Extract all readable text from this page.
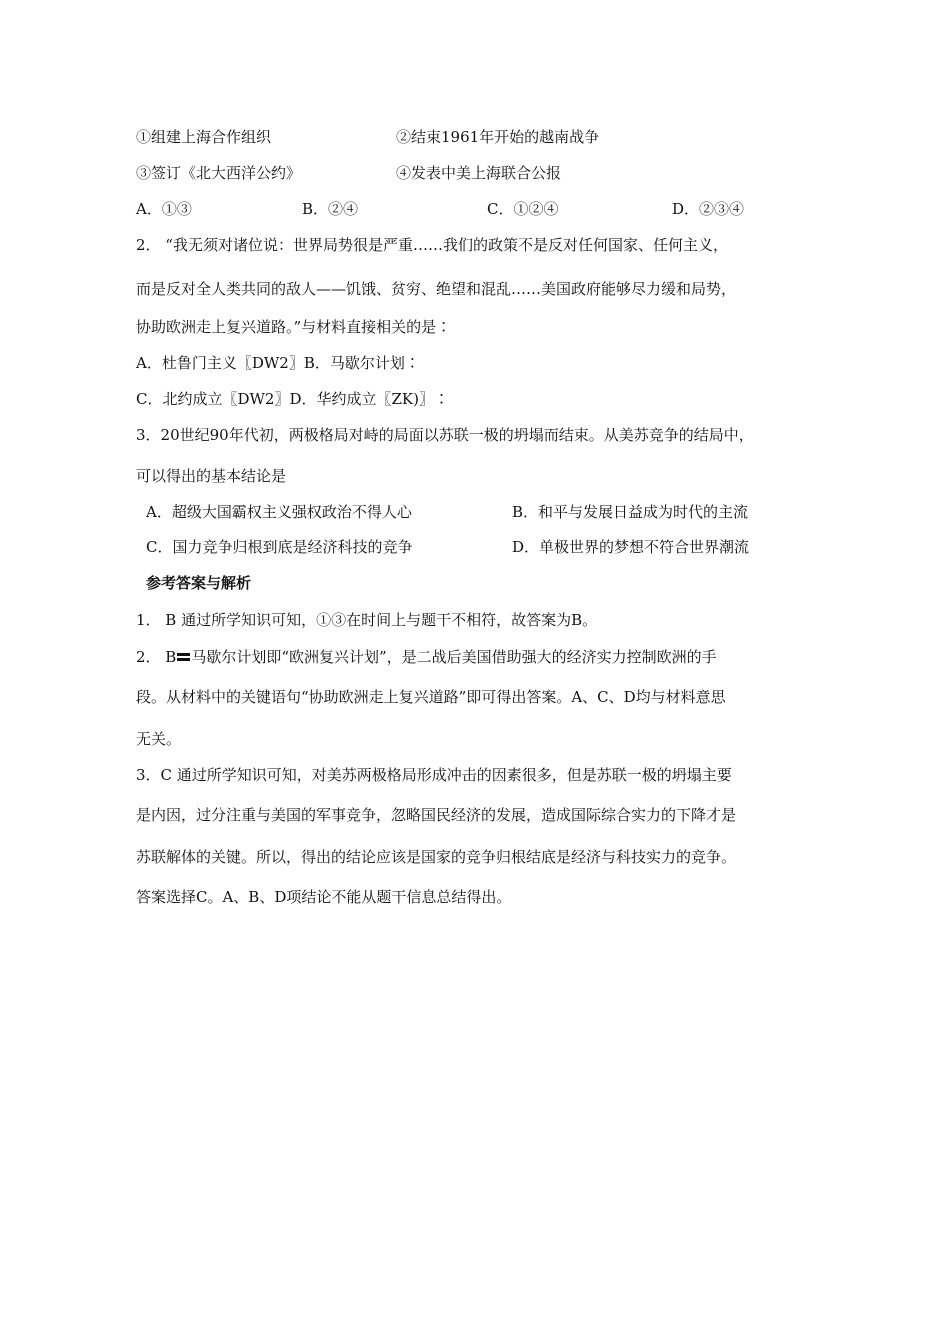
①组建上海合作组织	②结束1961年开始的越南战争
③签订《北大西洋公约》	④发表中美上海联合公报
A．①③	B．②④	C．①②④	D．②③④
2． “我无须对诸位说：世界局势很是严重……我们的政策不是反对任何国家、任何主义，
而是反对全人类共同的敌人——饥饿、贫穷、绝望和混乱……美国政府能够尽力缓和局势，
协助欧洲走上复兴道路。”与材料直接相关的是∶
A．杜鲁门主义〖DW2〗B．马歇尔计划∶
C．北约成立〖DW2〗D．华约成立〖ZK)〗∶
3．20世纪90年代初，两极格局对峙的局面以苏联一极的坍塌而结束。从美苏竞争的结局中，
可以得出的基本结论是
A．超级大国霸权主义强权政治不得人心	B．和平与发展日益成为时代的主流
C．国力竞争归根到底是经济科技的竞争	D．单极世界的梦想不符合世界潮流
参考答案与解析
1． B 通过所学知识可知，①③在时间上与题干不相符，故答案为B。
2． B 马歇尔计划即“欧洲复兴计划”，是二战后美国借助强大的经济实力控制欧洲的手
段。从材料中的关键语句“协助欧洲走上复兴道路”即可得出答案。A、C、D均与材料意思
无关。
3．C 通过所学知识可知，对美苏两极格局形成冲击的因素很多，但是苏联一极的坍塌主要
是内因，过分注重与美国的军事竞争，忽略国民经济的发展，造成国际综合实力的下降才是
苏联解体的关键。所以，得出的结论应该是国家的竞争归根结底是经济与科技实力的竞争。
答案选择C。A、B、D项结论不能从题干信息总结得出。
